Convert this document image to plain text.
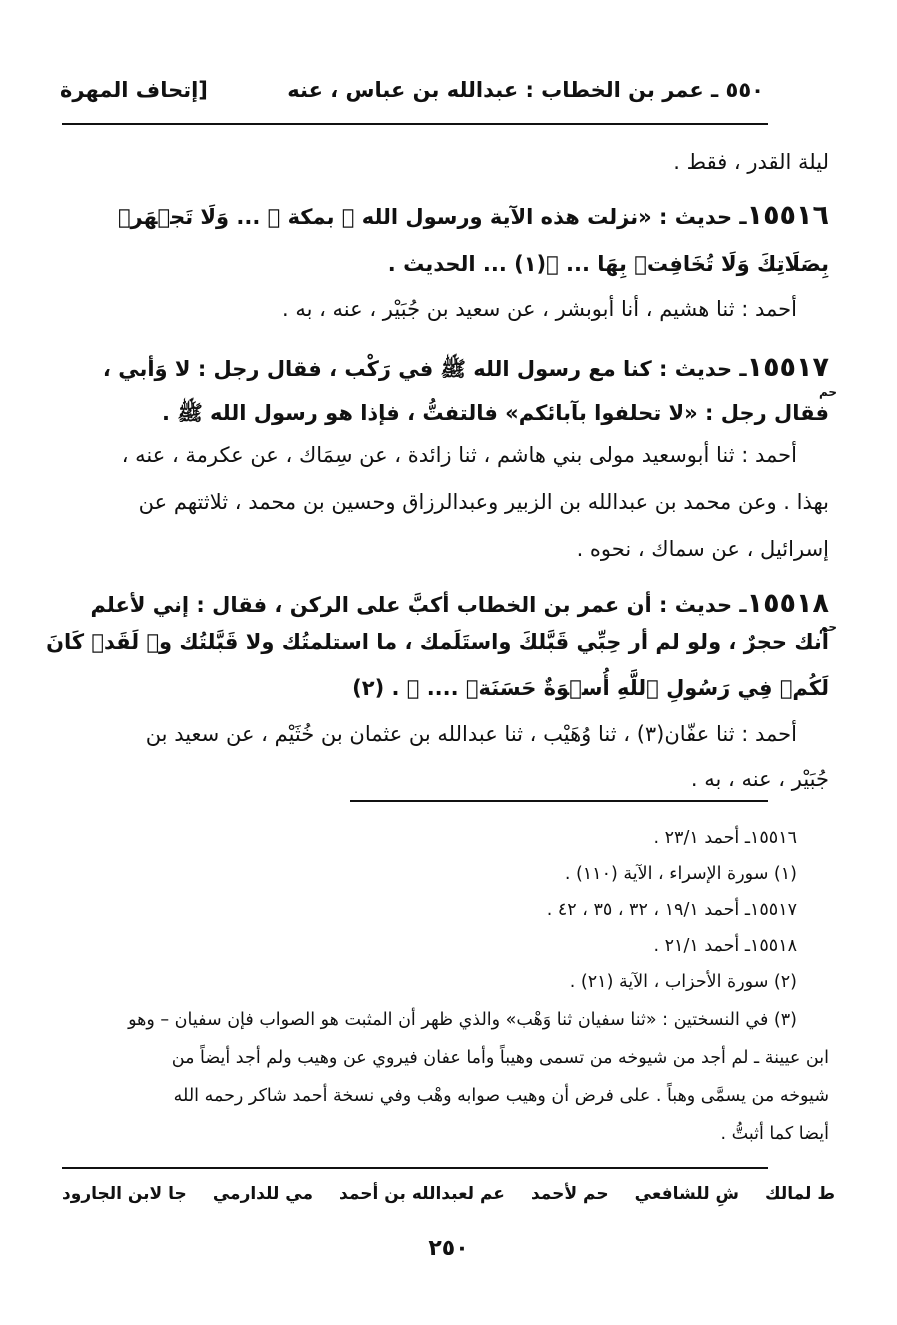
٥٥٠ ـ عمر بن الخطاب : عبدالله بن عباس ، عنه
[إتحاف المهرة
ليلة القدر ، فقط .
١٥٥١٦ـ حديث : «نزلت هذه الآية ورسول الله ﷺ بمكة ﴿ ... وَلَا تَجۡهَرۡ
بِصَلَاتِكَ وَلَا تُخَافِتۡ بِهَا ... ﴾(١) ... الحديث .
أحمد : ثنا هشيم ، أنا أبوبشر ، عن سعيد بن جُبَيْر ، عنه ، به .
١٥٥١٧ـ حديث : كنا مع رسول الله ﷺ في رَكْب ، فقال رجل : لا وَأبي ،
حم
فقال رجل : «لا تحلفوا بآبائكم» فالتفتُّ ، فإذا هو رسول الله ﷺ .
أحمد : ثنا أبوسعيد مولى بني هاشم ، ثنا زائدة ، عن سِمَاك ، عن عكرمة ، عنه ،
بهذا . وعن محمد بن عبدالله بن الزبير وعبدالرزاق وحسين بن محمد ، ثلاثتهم عن
إسرائيل ، عن سماك ، نحوه .
١٥٥١٨ـ حديث : أن عمر بن الخطاب أكبَّ على الركن ، فقال : إني لأعلم
حم
أنك حجرٌ ، ولو لم أر حِبِّي قَبَّلكَ واستَلَمك ، ما استلمتُك ولا قَبَّلتُك و﴿ لَقَدۡ كَانَ
لَكُمۡ فِي رَسُولِ ٱللَّهِ أُسۡوَةٌ حَسَنَةٞ .... ﴾ . (٢)
أحمد : ثنا عفّان(٣) ، ثنا وُهَيْب ، ثنا عبدالله بن عثمان بن خُثَيْم ، عن سعيد بن
جُبَيْر ، عنه ، به .
١٥٥١٦ـ أحمد ٢٣/١ .
(١) سورة الإسراء ، الآية (١١٠) .
١٥٥١٧ـ أحمد ١٩/١ ، ٣٢ ، ٣٥ ، ٤٢ .
١٥٥١٨ـ أحمد ٢١/١ .
(٢) سورة الأحزاب ، الآية (٢١) .
(٣) في النسختين : «ثنا سفيان ثنا وَهْب» والذي ظهر أن المثبت هو الصواب فإن سفيان – وهو
ابن عيينة ـ لم أجد من شيوخه من تسمى وهيباً وأما عفان فيروي عن وهيب ولم أجد أيضاً من
شيوخه من يسمَّى وهباً . على فرض أن وهيب صوابه وهْب وفي نسخة أحمد شاكر رحمه الله
أيضا كما أثبتُّ .
ط لمالك
شِ للشافعي
حم لأحمد
عم لعبدالله بن أحمد
مي للدارمي
جا لابن الجارود
٢٥٠
